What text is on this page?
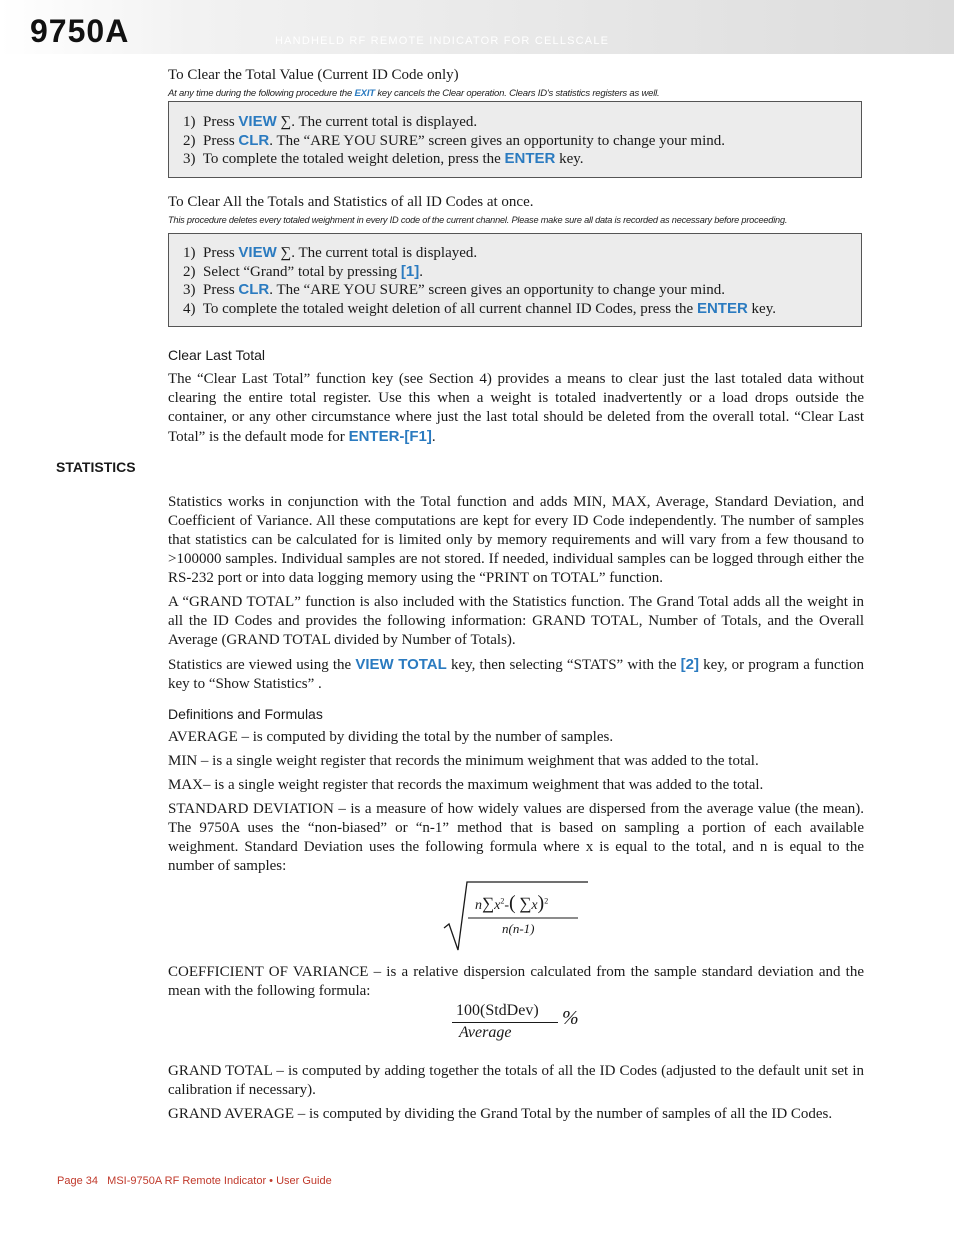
9750A	HANDHELD RF REMOTE INDICATOR FOR CELLSCALE

To Clear the Total Value (Current ID Code only)

At any time during the following procedure the EXIT key cancels the Clear operation. Clears ID's statistics registers as well.

1) Press VIEW ∑. The current total is displayed.
2) Press CLR. The “ARE YOU SURE” screen gives an opportunity to change your mind.
3) To complete the totaled weight deletion, press the ENTER key.

To Clear All the Totals and Statistics of all ID Codes at once.

This procedure deletes every totaled weighment in every ID code of the current channel. Please make sure all data is recorded as necessary before proceeding.

1) Press VIEW ∑. The current total is displayed.
2) Select “Grand” total by pressing [1].
3) Press CLR. The “ARE YOU SURE” screen gives an opportunity to change your mind.
4) To complete the totaled weight deletion of all current channel ID Codes, press the ENTER key.
Clear Last Total

The “Clear Last Total” function key (see Section 4) provides a means to clear just the last totaled data without clearing the entire total register. Use this when a weight is totaled inadvertently or a load drops outside the container, or any other circumstance where just the last total should be deleted from the overall total. “Clear Last Total” is the default mode for ENTER-[F1].

STATISTICS

Statistics works in conjunction with the Total function and adds MIN, MAX, Average, Standard Deviation, and Coefficient of Variance. All these computations are kept for every ID Code independently. The number of samples that statistics can be calculated for is limited only by memory requirements and will vary from a few thousand to >100000 samples. Individual samples are not stored. If needed, individual samples can be logged through either the RS-232 port or into data logging memory using the “PRINT on TOTAL” function.

A “GRAND TOTAL” function is also included with the Statistics function. The Grand Total adds all the weight in all the ID Codes and provides the following information: GRAND TOTAL, Number of Totals, and the Overall Average (GRAND TOTAL divided by Number of Totals).

Statistics are viewed using the VIEW TOTAL key, then selecting “STATS” with the [2] key, or program a function key to “Show Statistics” .

Definitions and Formulas

AVERAGE – is computed by dividing the total by the number of samples.

MIN – is a single weight register that records the minimum weighment that was added to the total.

MAX– is a single weight register that records the maximum weighment that was added to the total.

STANDARD DEVIATION – is a measure of how widely values are dispersed from the average value (the mean). The 9750A uses the “non-biased” or “n-1” method that is based on sampling a portion of each available weighment. Standard Deviation uses the following formula where x is equal to the total, and n is equal to the number of samples:

$n\sum x^2-$( ∑x)$^2$
n(n-1)

COEFFICIENT OF VARIANCE – is a relative dispersion calculated from the sample standard deviation and the mean with the following formula:

100(StdDev)
Average
%

GRAND TOTAL – is computed by adding together the totals of all the ID Codes (adjusted to the default unit set in calibration if necessary).

GRAND AVERAGE – is computed by dividing the Grand Total by the number of samples of all the ID Codes.

Page 34   MSI-9750A RF Remote Indicator • User Guide
